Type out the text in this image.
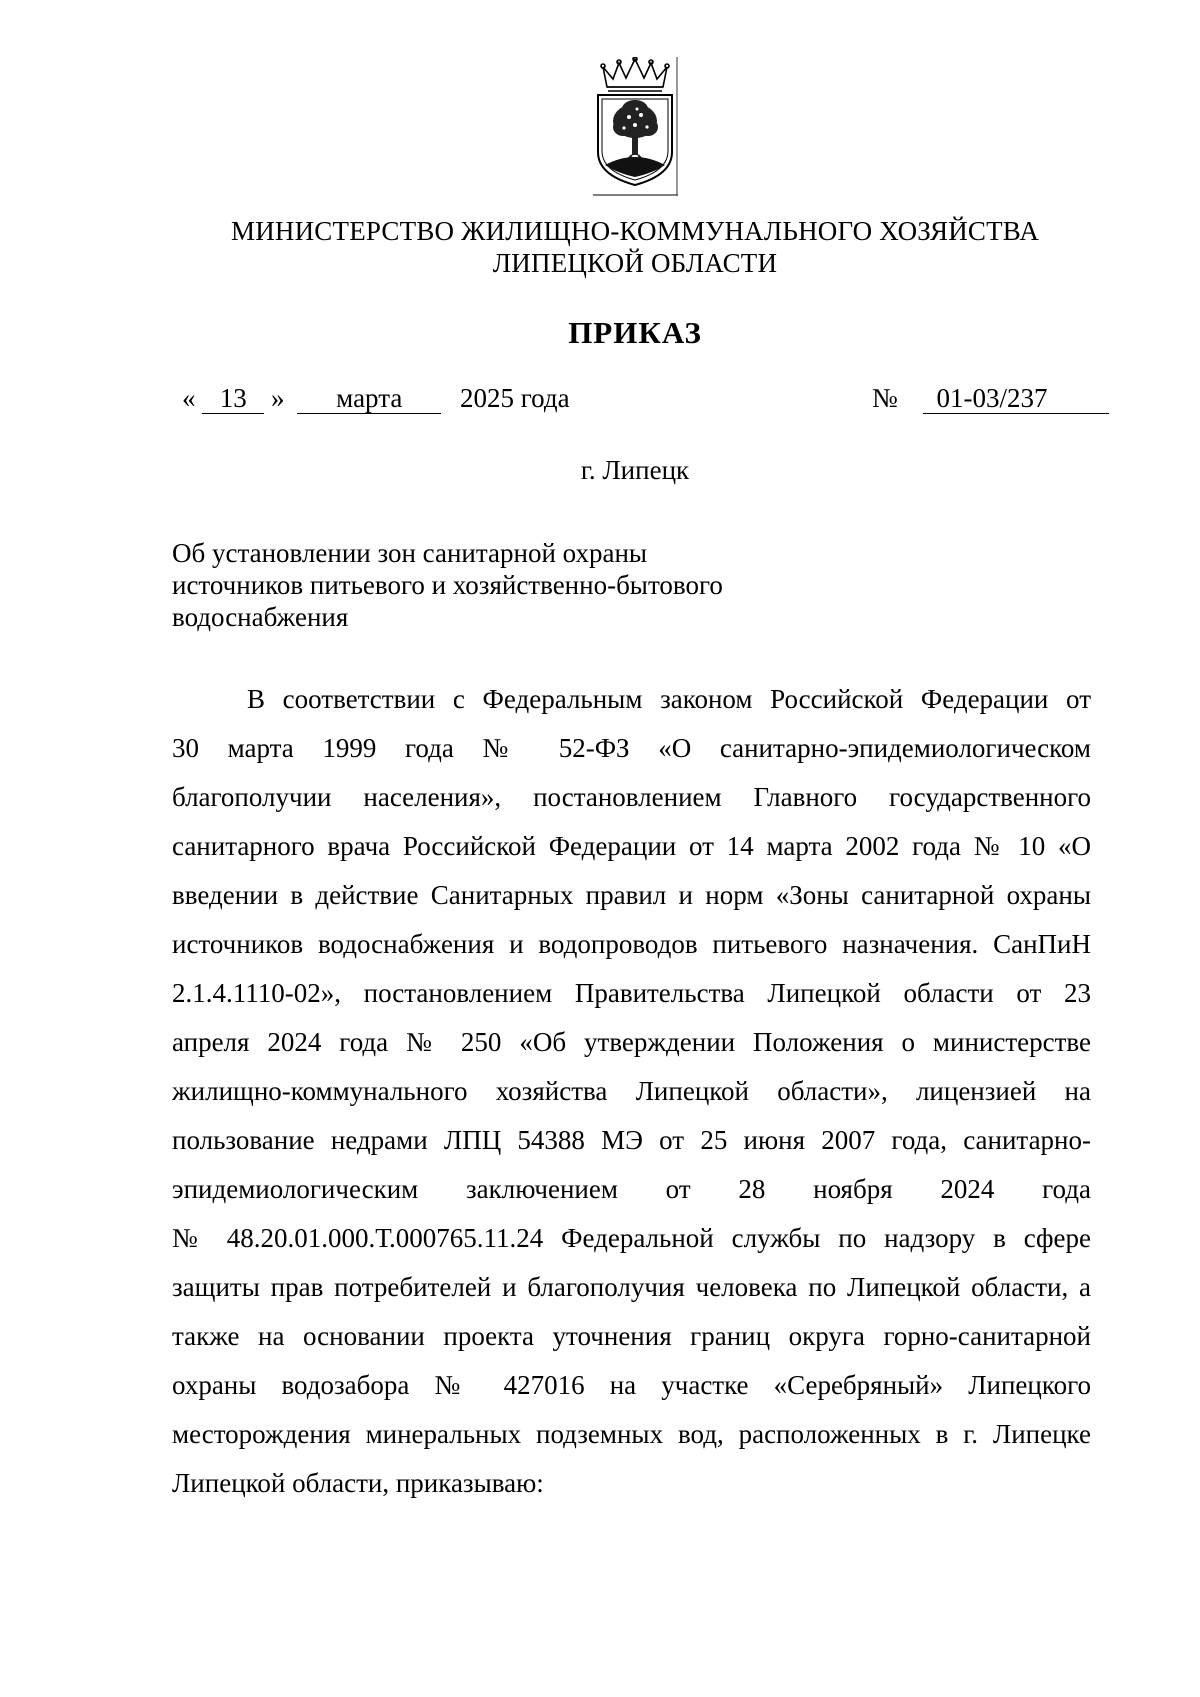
МИНИСТЕРСТВО ЖИЛИЩНО-КОММУНАЛЬНОГО ХОЗЯЙСТВА
ЛИПЕЦКОЙ ОБЛАСТИ
ПРИКАЗ
« 13 » марта 2025 года	№ 01-03/237
г. Липецк
Об установлении зон санитарной охраны
источников питьевого и хозяйственно-бытового
водоснабжения
В соответствии с Федеральным законом Российской Федерации от
30 марта 1999 года № 52-ФЗ «О санитарно-эпидемиологическом
благополучии населения», постановлением Главного государственного
санитарного врача Российской Федерации от 14 марта 2002 года № 10 «О
введении в действие Санитарных правил и норм «Зоны санитарной охраны
источников водоснабжения и водопроводов питьевого назначения. СанПиН
2.1.4.1110-02», постановлением Правительства Липецкой области от 23
апреля 2024 года № 250 «Об утверждении Положения о министерстве
жилищно-коммунального хозяйства Липецкой области», лицензией на
пользование недрами ЛПЦ 54388 МЭ от 25 июня 2007 года, санитарно-
эпидемиологическим заключением от 28 ноября 2024 года
№ 48.20.01.000.Т.000765.11.24 Федеральной службы по надзору в сфере
защиты прав потребителей и благополучия человека по Липецкой области, а
также на основании проекта уточнения границ округа горно-санитарной
охраны водозабора № 427016 на участке «Серебряный» Липецкого
месторождения минеральных подземных вод, расположенных в г. Липецке
Липецкой области, приказываю:
